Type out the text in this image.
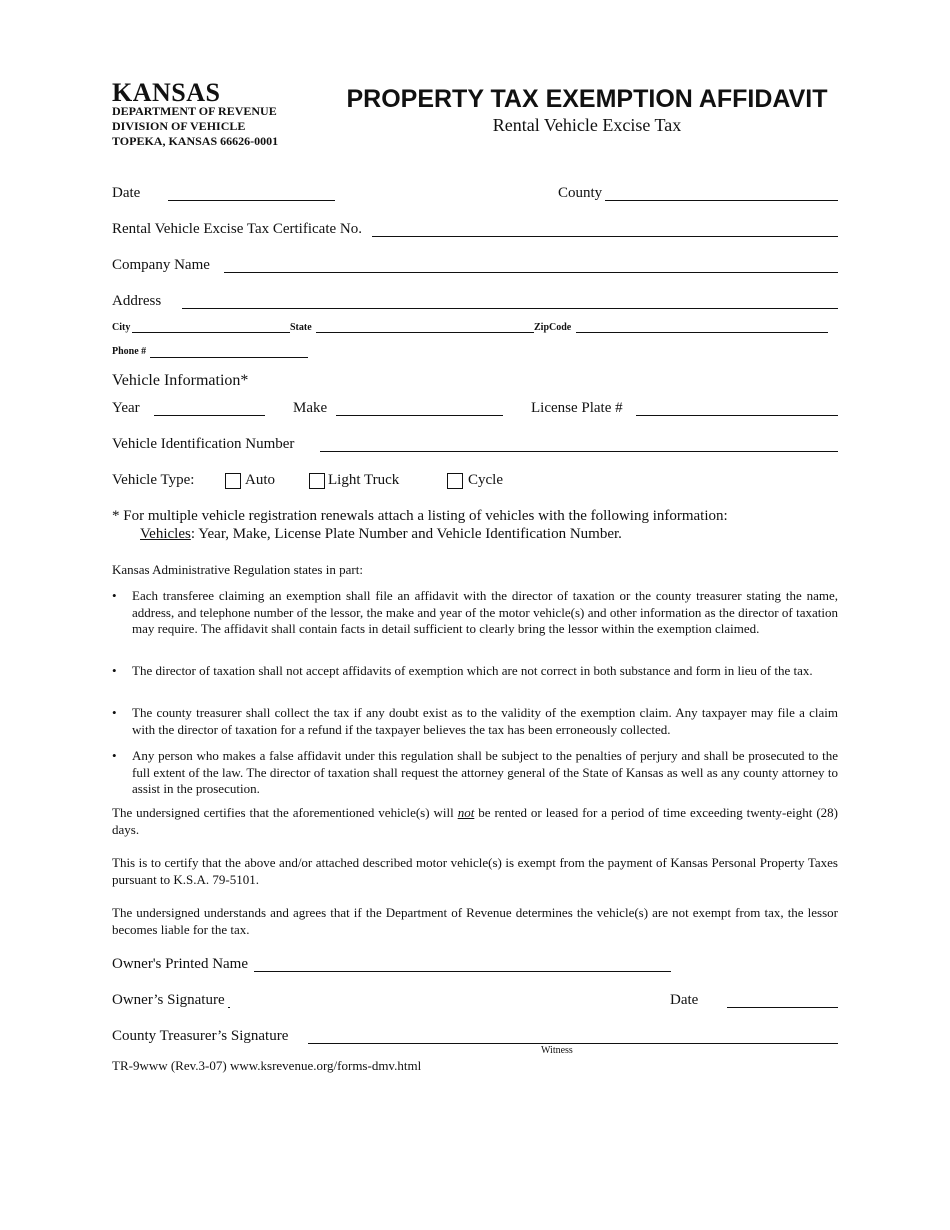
KANSAS
DEPARTMENT OF REVENUE
DIVISION OF VEHICLE
TOPEKA, KANSAS 66626-0001
PROPERTY TAX EXEMPTION AFFIDAVIT
Rental Vehicle Excise Tax
Date	County
Rental Vehicle Excise Tax Certificate No.
Company Name
Address
City	State	ZipCode
Phone #
Vehicle Information*
Year	Make	License Plate #
Vehicle Identification Number
Vehicle Type:	Auto	Light Truck	Cycle
* For multiple vehicle registration renewals attach a listing of vehicles with the following information:
Vehicles: Year, Make, License Plate Number and Vehicle Identification Number.
Kansas Administrative Regulation states in part:
• Each transferee claiming an exemption shall file an affidavit with the director of taxation or the county treasurer stating the name, address, and telephone number of the lessor, the make and year of the motor vehicle(s) and other information as the director of taxation may require. The affidavit shall contain facts in detail sufficient to clearly bring the lessor within the exemption claimed.
• The director of taxation shall not accept affidavits of exemption which are not correct in both substance and form in lieu of the tax.
• The county treasurer shall collect the tax if any doubt exist as to the validity of the exemption claim. Any taxpayer may file a claim with the director of taxation for a refund if the taxpayer believes the tax has been erroneously collected.
• Any person who makes a false affidavit under this regulation shall be subject to the penalties of perjury and shall be prosecuted to the full extent of the law. The director of taxation shall request the attorney general of the State of Kansas as well as any county attorney to assist in the prosecution.
The undersigned certifies that the aforementioned vehicle(s) will not be rented or leased for a period of time exceeding twenty-eight (28) days.
This is to certify that the above and/or attached described motor vehicle(s) is exempt from the payment of Kansas Personal Property Taxes pursuant to K.S.A. 79-5101.
The undersigned understands and agrees that if the Department of Revenue determines the vehicle(s) are not exempt from tax, the lessor becomes liable for the tax.
Owner's Printed Name
Owner’s Signature	Date
County Treasurer’s Signature
Witness
TR-9www (Rev.3-07) www.ksrevenue.org/forms-dmv.html
